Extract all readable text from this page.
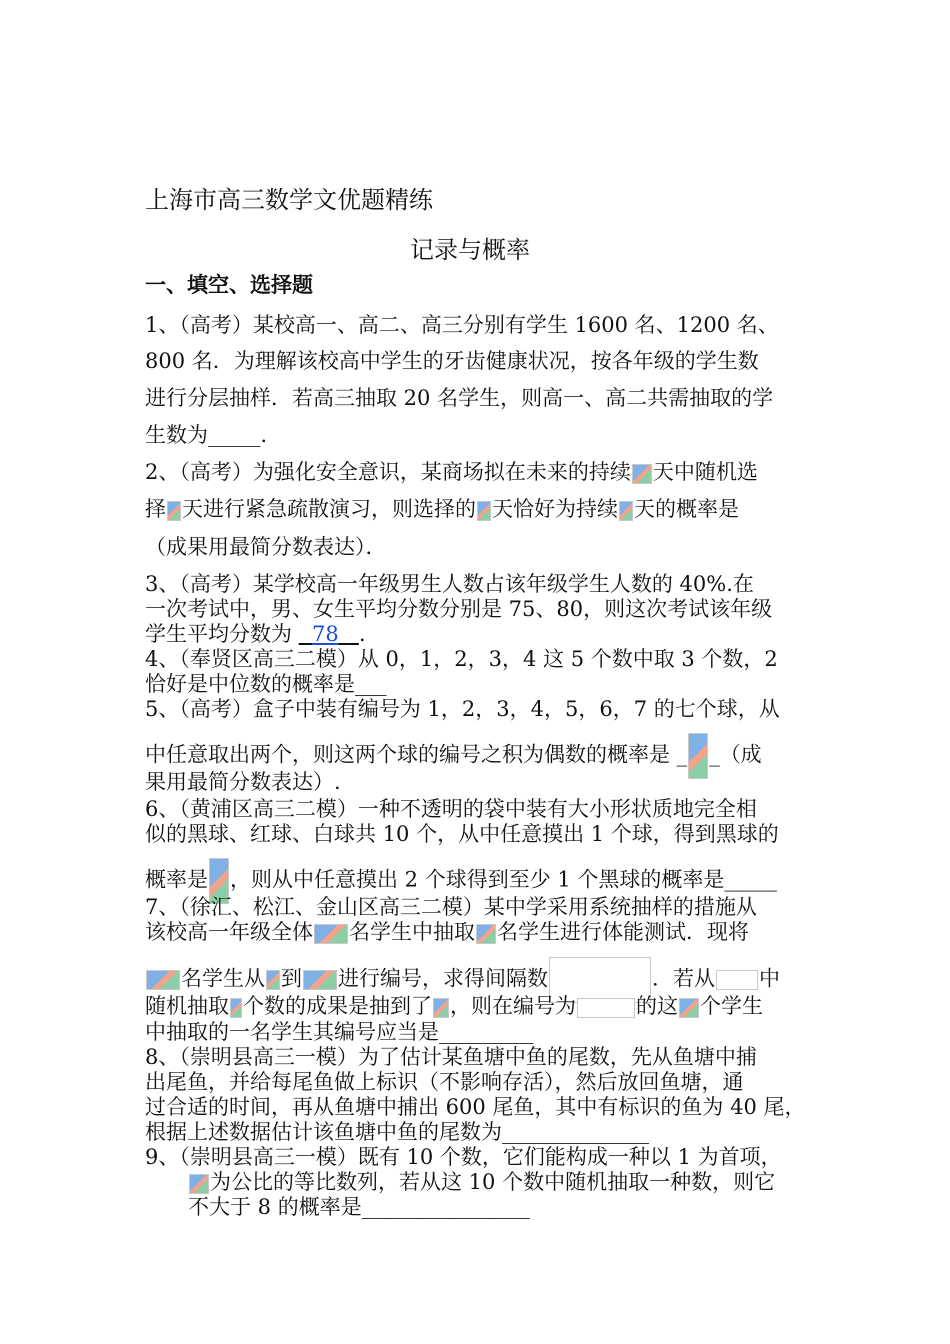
上海市高三数学文优题精练
记录与概率
一、填空、选择题
1、（高考）某校高一、高二、高三分别有学生 1600 名、1200 名、
800 名．为理解该校高中学生的牙齿健康状况，按各年级的学生数
进行分层抽样．若高三抽取 20 名学生，则高一、高二共需抽取的学
生数为_____．
2、（高考）为强化安全意识，某商场拟在未来的持续 天中随机选
择 天进行紧急疏散演习，则选择的 天恰好为持续 天的概率是
（成果用最简分数表达）．
3、（高考）某学校高一年级男生人数占该年级学生人数的 40%.在
一次考试中，男、女生平均分数分别是 75、80，则这次考试该年级
学生平均分数为   78 .
4、（奉贤区高三二模）从 0，1，2，3，4 这 5 个数中取 3 个数，2
恰好是中位数的概率是___
5、（高考）盒子中装有编号为 1，2，3，4，5，6，7 的七个球，从
中任意取出两个，则这两个球的编号之积为偶数的概率是 _ _（成
果用最简分数表达）.
6、（黄浦区高三二模）一种不透明的袋中装有大小形状质地完全相
似的黑球、红球、白球共 10 个，从中任意摸出 1 个球，得到黑球的
概率是 ，则从中任意摸出 2 个球得到至少 1 个黑球的概率是_____
7、（徐汇、松江、金山区高三二模）某中学采用系统抽样的措施从
该校高一年级全体 名学生中抽取 名学生进行体能测试．现将
名学生从 到 进行编号，求得间隔数	．若从 中
随机抽取 个数的成果是抽到了 ，则在编号为	的这 个学生
中抽取的一名学生其编号应当是_________
8、（崇明县高三一模）为了估计某鱼塘中鱼的尾数，先从鱼塘中捕
出尾鱼，并给每尾鱼做上标识（不影响存活），然后放回鱼塘，通
过合适的时间，再从鱼塘中捕出 600 尾鱼，其中有标识的鱼为 40 尾，
根据上述数据估计该鱼塘中鱼的尾数为______________
9、（崇明县高三一模）既有 10 个数，它们能构成一种以 1 为首项，
为公比的等比数列，若从这 10 个数中随机抽取一种数，则它
不大于 8 的概率是________________
